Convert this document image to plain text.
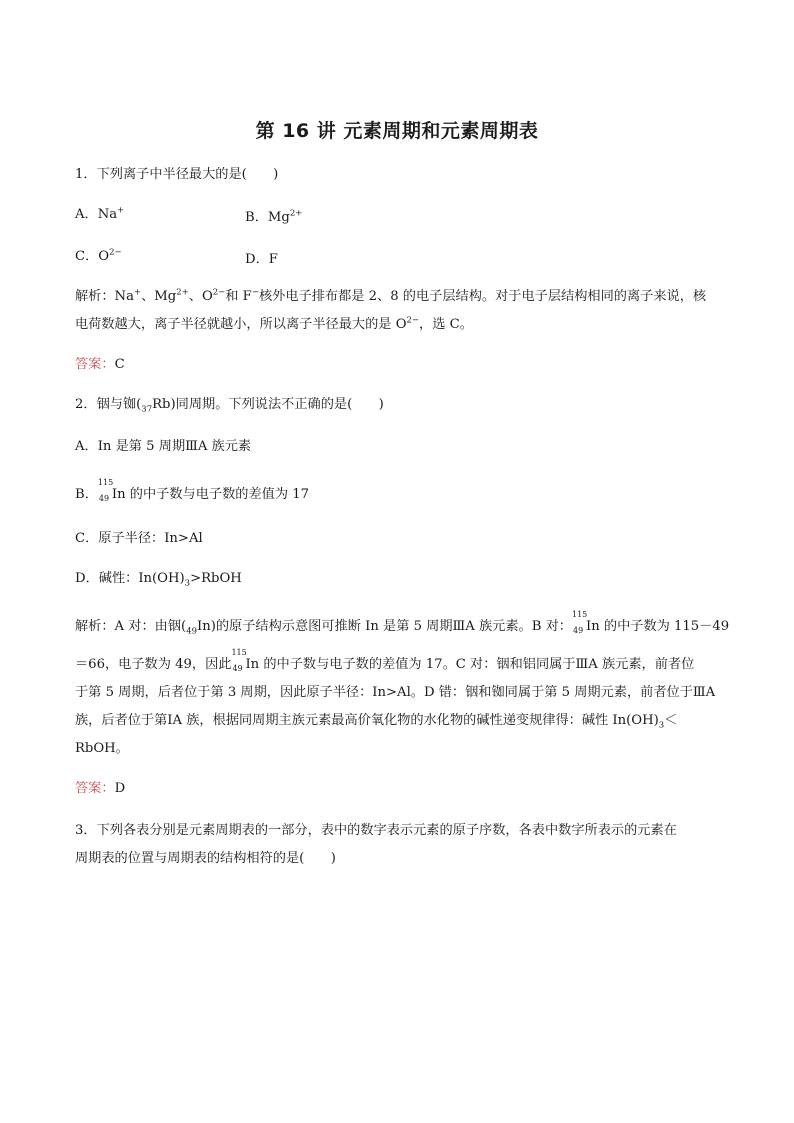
第 16 讲 元素周期和元素周期表
1．下列离子中半径最大的是(　　)
A．Na+	B．$Mg^{2+}$
C．$O^{2-}$	D．F
解析：Na+、$Mg^{2+}$、$O^{2-}$和 F−核外电子排布都是 2、8 的电子层结构。对于电子层结构相同的离子来说，核
电荷数越大，离子半径就越小，所以离子半径最大的是 $O^{2-}$，选 C。
答案：C
2．铟与铷$(_{37}Rb)$同周期。下列说法不正确的是(　　)
A．In 是第 5 周期ⅢA 族元素
B．
115
49 In 的中子数与电子数的差值为 17
C．原子半径：In>Al
D．碱性：$In(OH)_3>RbOH$
解析：A 对：由铟$(_{49}In)$的原子结构示意图可推断 In 是第 5 周期ⅢA 族元素。B 对：
115
49 In 的中子数为 115－49
＝66，电子数为 49，因此
115
49 In 的中子数与电子数的差值为 17。C 对：铟和铝同属于ⅢA 族元素，前者位
于第 5 周期，后者位于第 3 周期，因此原子半径：In>Al。D 错：铟和铷同属于第 5 周期元素，前者位于ⅢA
族，后者位于第ⅠA 族，根据同周期主族元素最高价氧化物的水化物的碱性递变规律得：碱性 $In(OH)_3<$
RbOH。
答案：D
3．下列各表分别是元素周期表的一部分，表中的数字表示元素的原子序数，各表中数字所表示的元素在
周期表的位置与周期表的结构相符的是(　　)
